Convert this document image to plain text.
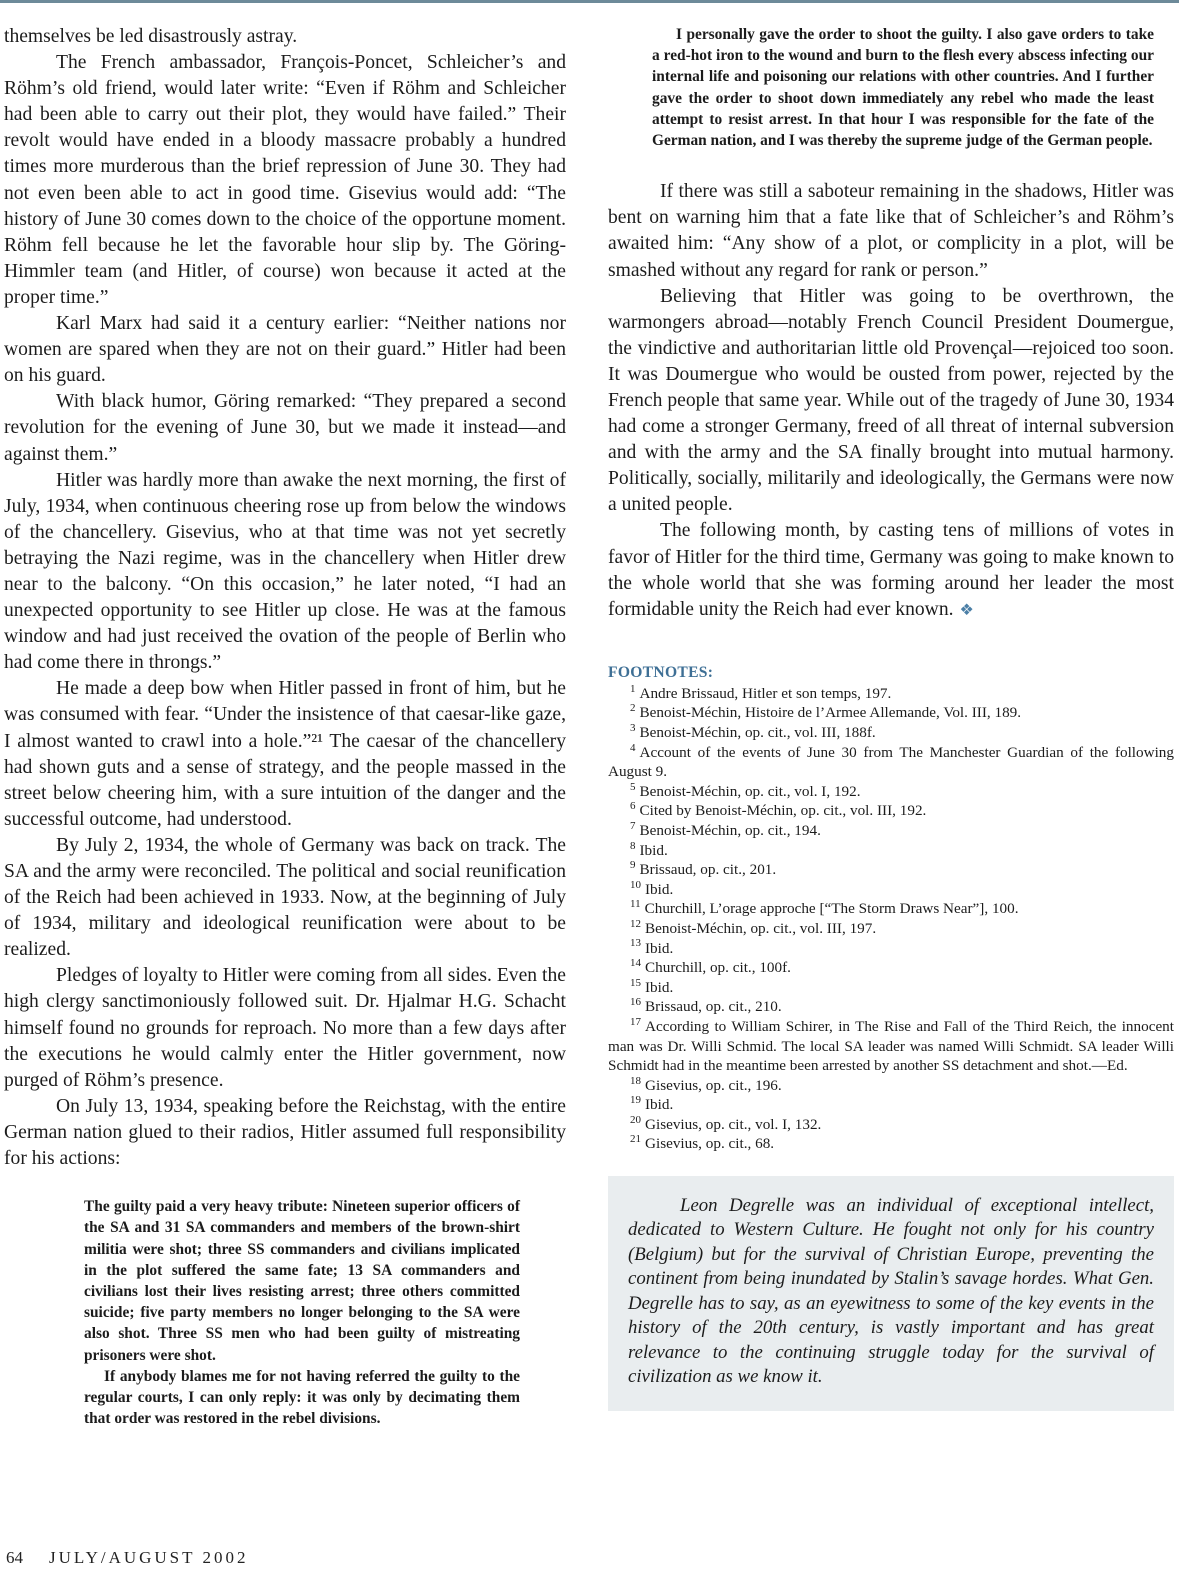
themselves be led disastrously astray.

The French ambassador, François-Poncet, Schleicher’s and Röhm’s old friend, would later write: “Even if Röhm and Schleicher had been able to carry out their plot, they would have failed.” Their revolt would have ended in a bloody massacre probably a hundred times more murderous than the brief repression of June 30. They had not even been able to act in good time. Gisevius would add: “The history of June 30 comes down to the choice of the opportune moment. Röhm fell because he let the favorable hour slip by. The Göring-Himmler team (and Hitler, of course) won because it acted at the proper time.”

Karl Marx had said it a century earlier: “Neither nations nor women are spared when they are not on their guard.” Hitler had been on his guard.

With black humor, Göring remarked: “They prepared a second revolution for the evening of June 30, but we made it instead—and against them.”

Hitler was hardly more than awake the next morning, the first of July, 1934, when continuous cheering rose up from below the windows of the chancellery. Gisevius, who at that time was not yet secretly betraying the Nazi regime, was in the chancellery when Hitler drew near to the balcony. “On this occasion,” he later noted, “I had an unexpected opportunity to see Hitler up close. He was at the famous window and had just received the ovation of the people of Berlin who had come there in throngs.”

He made a deep bow when Hitler passed in front of him, but he was consumed with fear. “Under the insistence of that caesar-like gaze, I almost wanted to crawl into a hole.”²¹ The caesar of the chancellery had shown guts and a sense of strategy, and the people massed in the street below cheering him, with a sure intuition of the danger and the successful outcome, had understood.

By July 2, 1934, the whole of Germany was back on track. The SA and the army were reconciled. The political and social reunification of the Reich had been achieved in 1933. Now, at the beginning of July of 1934, military and ideological reunification were about to be realized.

Pledges of loyalty to Hitler were coming from all sides. Even the high clergy sanctimoniously followed suit. Dr. Hjalmar H.G. Schacht himself found no grounds for reproach. No more than a few days after the executions he would calmly enter the Hitler government, now purged of Röhm’s presence.

On July 13, 1934, speaking before the Reichstag, with the entire German nation glued to their radios, Hitler assumed full responsibility for his actions:

The guilty paid a very heavy tribute: Nineteen superior officers of the SA and 31 SA commanders and members of the brown-shirt militia were shot; three SS commanders and civilians implicated in the plot suffered the same fate; 13 SA commanders and civilians lost their lives resisting arrest; three others committed suicide; five party members no longer belonging to the SA were also shot. Three SS men who had been guilty of mistreating prisoners were shot.

If anybody blames me for not having referred the guilty to the regular courts, I can only reply: it was only by decimating them that order was restored in the rebel divisions.

I personally gave the order to shoot the guilty. I also gave orders to take a red-hot iron to the wound and burn to the flesh every abscess infecting our internal life and poisoning our relations with other countries. And I further gave the order to shoot down immediately any rebel who made the least attempt to resist arrest. In that hour I was responsible for the fate of the German nation, and I was thereby the supreme judge of the German people.

If there was still a saboteur remaining in the shadows, Hitler was bent on warning him that a fate like that of Schleicher’s and Röhm’s awaited him: “Any show of a plot, or complicity in a plot, will be smashed without any regard for rank or person.”

Believing that Hitler was going to be overthrown, the warmongers abroad—notably French Council President Doumergue, the vindictive and authoritarian little old Provençal—rejoiced too soon. It was Doumergue who would be ousted from power, rejected by the French people that same year. While out of the tragedy of June 30, 1934 had come a stronger Germany, freed of all threat of internal subversion and with the army and the SA finally brought into mutual harmony. Politically, socially, militarily and ideologically, the Germans were now a united people.

The following month, by casting tens of millions of votes in favor of Hitler for the third time, Germany was going to make known to the whole world that she was forming around her leader the most formidable unity the Reich had ever known. ❖

FOOTNOTES:

$^1$ Andre Brissaud, Hitler et son temps, 197.

$^2$ Benoist-Méchin, Histoire de l’Armee Allemande, Vol. III, 189.

$^3$ Benoist-Méchin, op. cit., vol. III, 188f.

$^4$ Account of the events of June 30 from The Manchester Guardian of the following August 9.

$^5$ Benoist-Méchin, op. cit., vol. I, 192.

$^6$ Cited by Benoist-Méchin, op. cit., vol. III, 192.

$^7$ Benoist-Méchin, op. cit., 194.

$^8$ Ibid.

$^9$ Brissaud, op. cit., 201.

$^{10}$ Ibid.

$^{11}$ Churchill, L’orage approche [“The Storm Draws Near”], 100.

$^{12}$ Benoist-Méchin, op. cit., vol. III, 197.

$^{13}$ Ibid.

$^{14}$ Churchill, op. cit., 100f.

$^{15}$ Ibid.

$^{16}$ Brissaud, op. cit., 210.

$^{17}$ According to William Schirer, in The Rise and Fall of the Third Reich, the innocent man was Dr. Willi Schmid. The local SA leader was named Willi Schmidt. SA leader Willi Schmidt had in the meantime been arrested by another SS detachment and shot.—Ed.

$^{18}$ Gisevius, op. cit., 196.

$^{19}$ Ibid.

$^{20}$ Gisevius, op. cit., vol. I, 132.

$^{21}$ Gisevius, op. cit., 68.

Leon Degrelle was an individual of exceptional intellect, dedicated to Western Culture. He fought not only for his country (Belgium) but for the survival of Christian Europe, preventing the continent from being inundated by Stalin’s savage hordes. What Gen. Degrelle has to say, as an eyewitness to some of the key events in the history of the 20th century, is vastly important and has great relevance to the continuing struggle today for the survival of civilization as we know it.
64 JULY/AUGUST 2002
